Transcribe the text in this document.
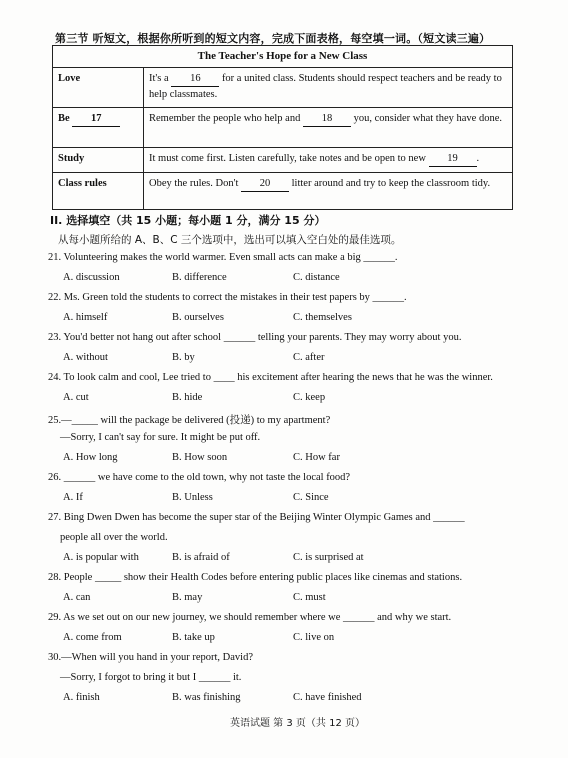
第三节 听短文，根据你所听到的短文内容，完成下面表格，每空填一词。（短文读三遍）
The Teacher's Hope for a New Class	
Love	It's a 16 for a united class. Students should respect teachers and be ready to help classmates.
Be 17	Remember the people who help and 18 you, consider what they have done.
Study	It must come first. Listen carefully, take notes and be open to new 19 .
Class rules	Obey the rules. Don't 20 litter around and try to keep the classroom tidy.
II. 选择填空（共 15 小题；每小题 1 分，满分 15 分）
从每小题所给的 A、B、C 三个选项中，选出可以填入空白处的最佳选项。
21. Volunteering makes the world warmer. Even small acts can make a big ______.
A. discussion	B. difference	C. distance
22. Ms. Green told the students to correct the mistakes in their test papers by ______.
A. himself	B. ourselves	C. themselves
23. You'd better not hang out after school ______ telling your parents. They may worry about you.
A. without	B. by	C. after
24. To look calm and cool, Lee tried to ____ his excitement after hearing the news that he was the winner.
A. cut	B. hide	C. keep
25.—_____ will the package be delivered (投递) to my apartment?
—Sorry, I can't say for sure. It might be put off.
A. How long	B. How soon	C. How far
26. ______ we have come to the old town, why not taste the local food?
A. If	B. Unless	C. Since
27. Bing Dwen Dwen has become the super star of the Beijing Winter Olympic Games and ______
people all over the world.
A. is popular with	B. is afraid of	C. is surprised at
28. People _____ show their Health Codes before entering public places like cinemas and stations.
A. can	B. may	C. must
29. As we set out on our new journey, we should remember where we ______ and why we start.
A. come from	B. take up	C. live on
30.—When will you hand in your report, David?
—Sorry, I forgot to bring it but I ______ it.
A. finish	B. was finishing	C. have finished
英语试题 第 3 页（共 12 页）
